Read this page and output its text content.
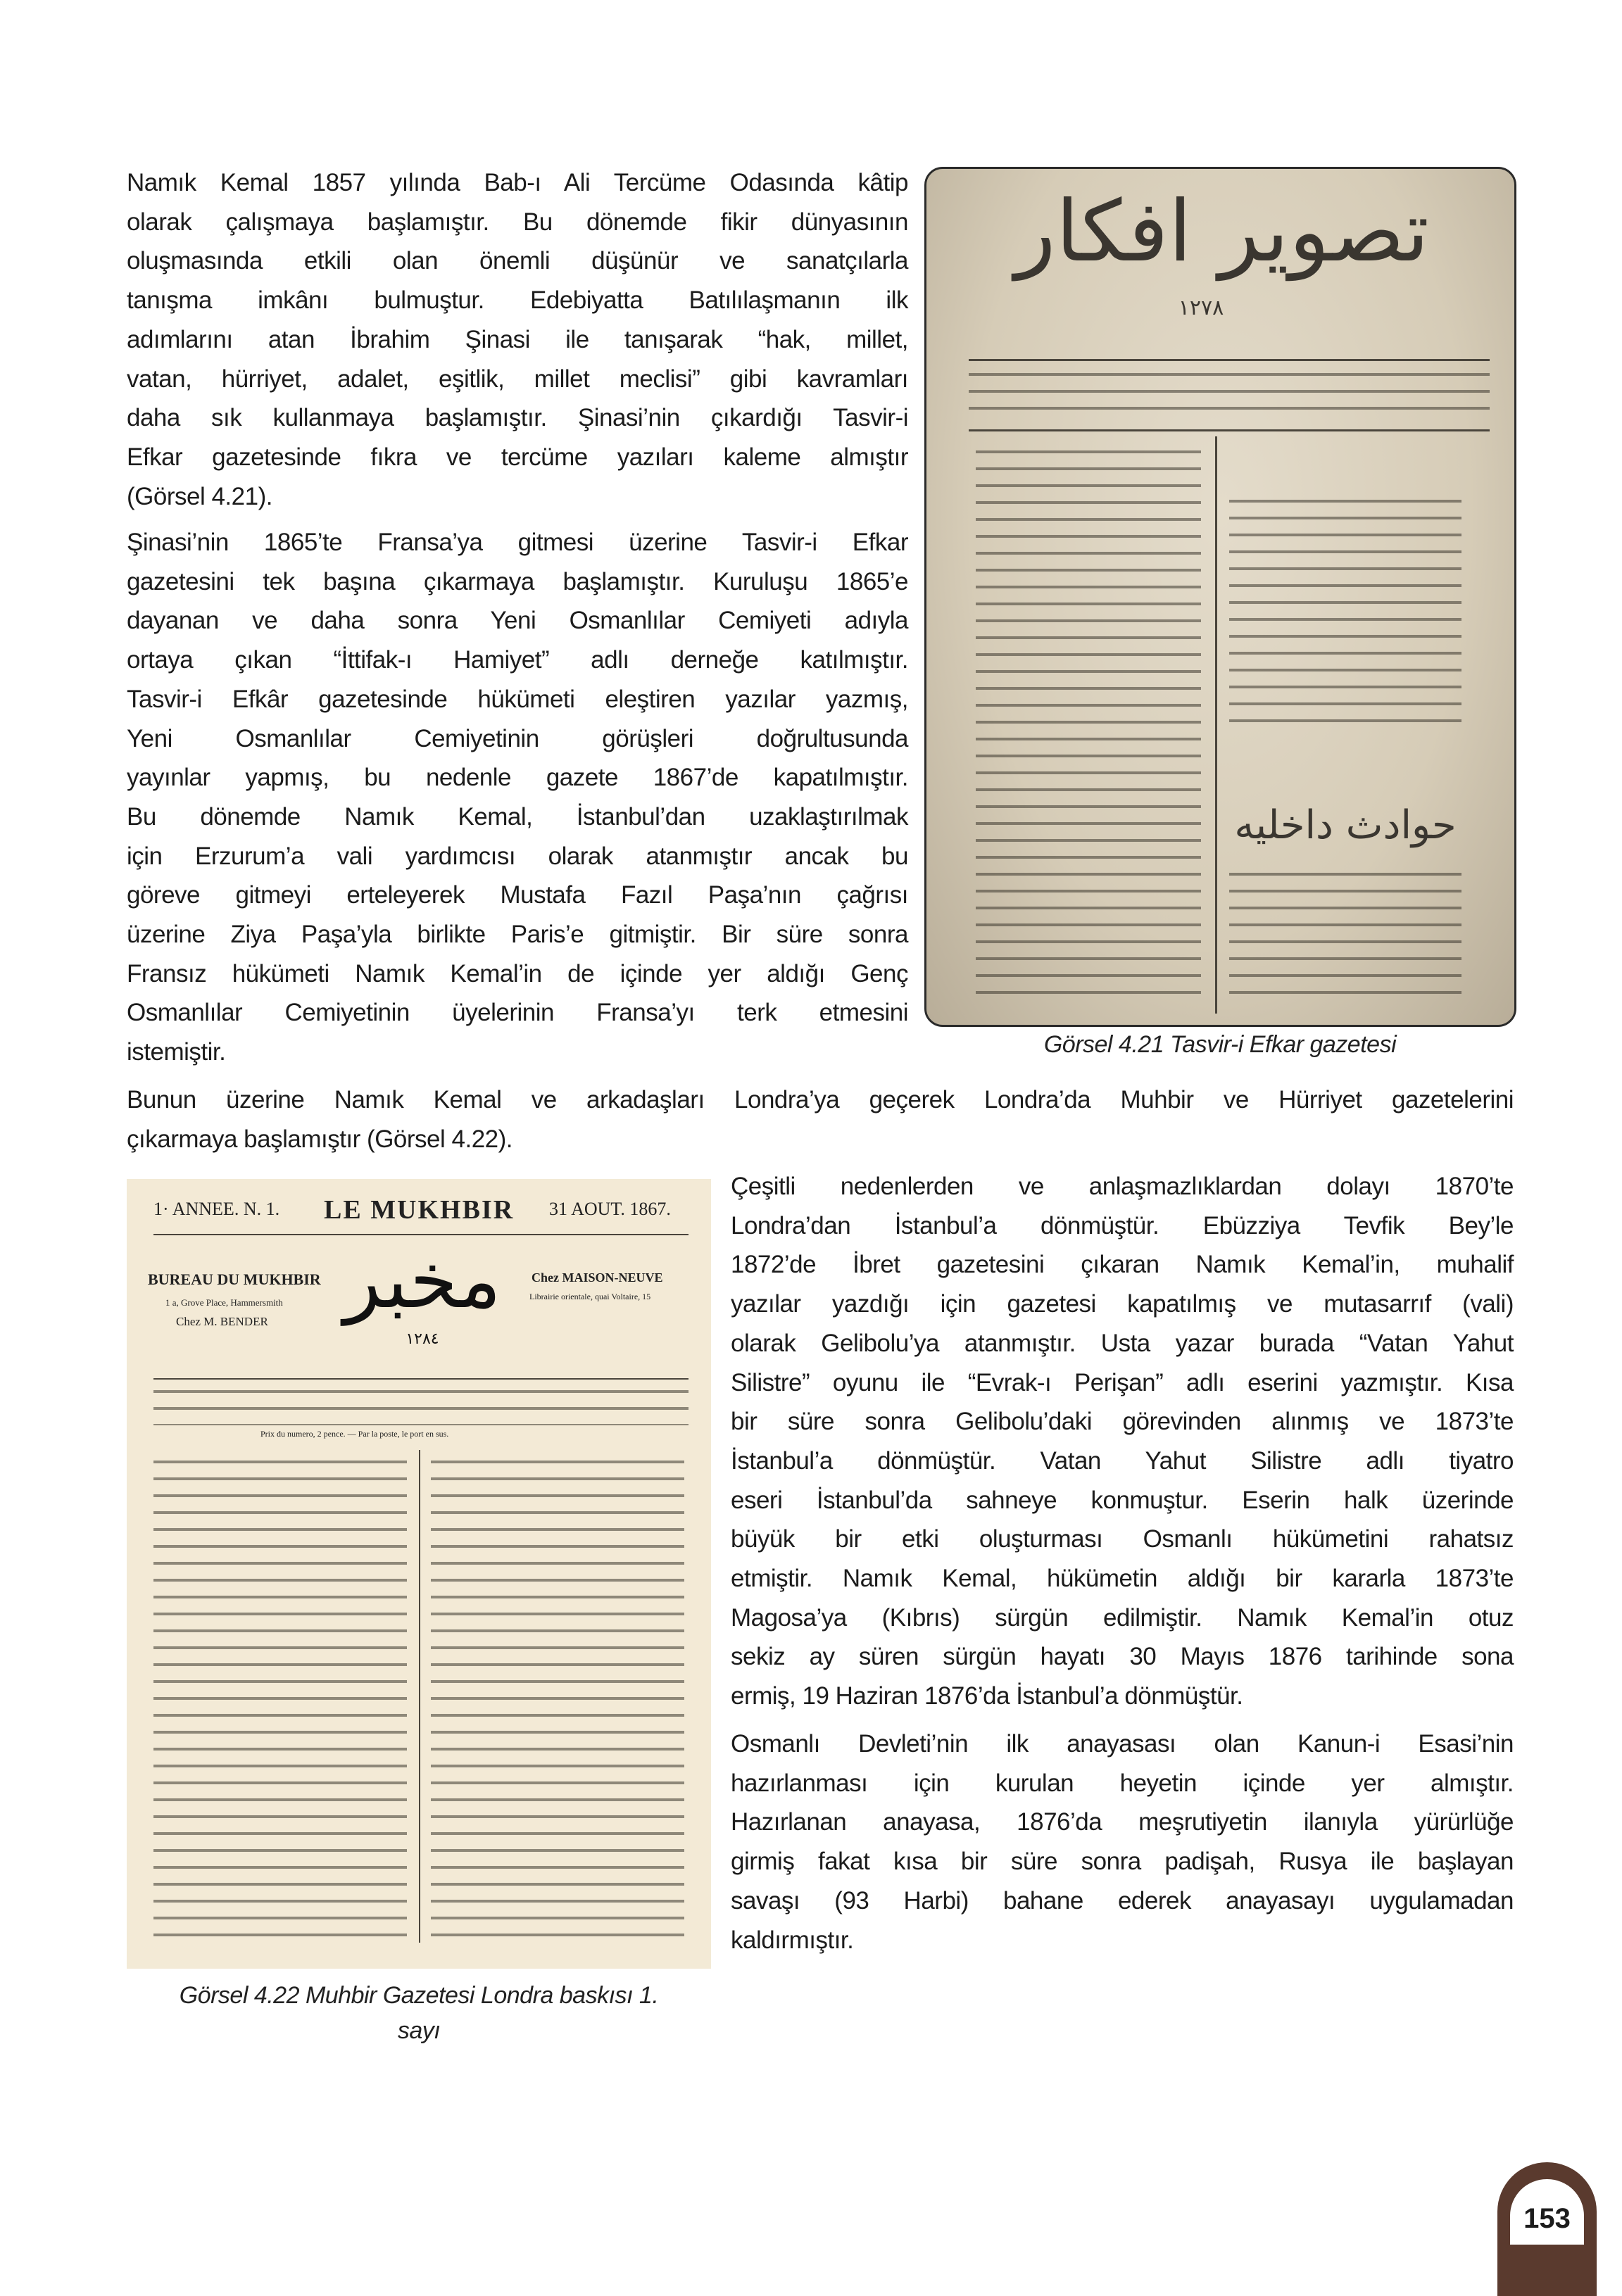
Namık Kemal 1857 yılında Bab-ı Ali Tercüme Odasında kâtip
olarak çalışmaya başlamıştır. Bu dönemde fikir dünyasının
oluşmasında etkili olan önemli düşünür ve sanatçılarla
tanışma imkânı bulmuştur. Edebiyatta Batılılaşmanın ilk
adımlarını atan İbrahim Şinasi ile tanışarak “hak, millet,
vatan, hürriyet, adalet, eşitlik, millet meclisi” gibi kavramları
daha sık kullanmaya başlamıştır. Şinasi’nin çıkardığı Tasvir-i
Efkar gazetesinde fıkra ve tercüme yazıları kaleme almıştır
(Görsel 4.21).
Şinasi’nin 1865’te Fransa’ya gitmesi üzerine Tasvir-i Efkar
gazetesini tek başına çıkarmaya başlamıştır. Kuruluşu 1865’e
dayanan ve daha sonra Yeni Osmanlılar Cemiyeti adıyla
ortaya çıkan “İttifak-ı Hamiyet” adlı derneğe katılmıştır.
Tasvir-i Efkâr gazetesinde hükümeti eleştiren yazılar yazmış,
Yeni Osmanlılar Cemiyetinin görüşleri doğrultusunda
yayınlar yapmış, bu nedenle gazete 1867’de kapatılmıştır.
Bu dönemde Namık Kemal, İstanbul’dan uzaklaştırılmak
için Erzurum’a vali yardımcısı olarak atanmıştır ancak bu
göreve gitmeyi erteleyerek Mustafa Fazıl Paşa’nın çağrısı
üzerine Ziya Paşa’yla birlikte Paris’e gitmiştir. Bir süre sonra
Fransız hükümeti Namık Kemal’in de içinde yer aldığı Genç
Osmanlılar Cemiyetinin üyelerinin Fransa’yı terk etmesini
istemiştir.
تصویر افکار
١٢٧٨
حوادث داخلیه
Görsel 4.21 Tasvir-i Efkar gazetesi
Bunun üzerine Namık Kemal ve arkadaşları Londra’ya geçerek Londra’da Muhbir ve Hürriyet gazetelerini
çıkarmaya başlamıştır (Görsel 4.22).
1· ANNEE. N. 1. LE MUKHBIR 31 AOUT. 1867.
BUREAU DU MUKHBIR
1 a, Grove Place, Hammersmith
Chez M. BENDER مخبر
١٢٨٤
Chez MAISON-NEUVE
Librairie orientale, quai Voltaire, 15
Prix du numero, 2 pence. — Par la poste, le port en sus.
Görsel 4.22 Muhbir Gazetesi Londra baskısı 1.
sayı
Çeşitli nedenlerden ve anlaşmazlıklardan dolayı 1870’te
Londra’dan İstanbul’a dönmüştür. Ebüzziya Tevfik Bey’le
1872’de İbret gazetesini çıkaran Namık Kemal’in, muhalif
yazılar yazdığı için gazetesi kapatılmış ve mutasarrıf (vali)
olarak Gelibolu’ya atanmıştır. Usta yazar burada “Vatan Yahut
Silistre” oyunu ile “Evrak-ı Perişan” adlı eserini yazmıştır. Kısa
bir süre sonra Gelibolu’daki görevinden alınmış ve 1873’te
İstanbul’a dönmüştür. Vatan Yahut Silistre adlı tiyatro
eseri İstanbul’da sahneye konmuştur. Eserin halk üzerinde
büyük bir etki oluşturması Osmanlı hükümetini rahatsız
etmiştir. Namık Kemal, hükümetin aldığı bir kararla 1873’te
Magosa’ya (Kıbrıs) sürgün edilmiştir. Namık Kemal’in otuz
sekiz ay süren sürgün hayatı 30 Mayıs 1876 tarihinde sona
ermiş, 19 Haziran 1876’da İstanbul’a dönmüştür.
Osmanlı Devleti’nin ilk anayasası olan Kanun-i Esasi’nin
hazırlanması için kurulan heyetin içinde yer almıştır.
Hazırlanan anayasa, 1876’da meşrutiyetin ilanıyla yürürlüğe
girmiş fakat kısa bir süre sonra padişah, Rusya ile başlayan
savaşı (93 Harbi) bahane ederek anayasayı uygulamadan
kaldırmıştır.
153
